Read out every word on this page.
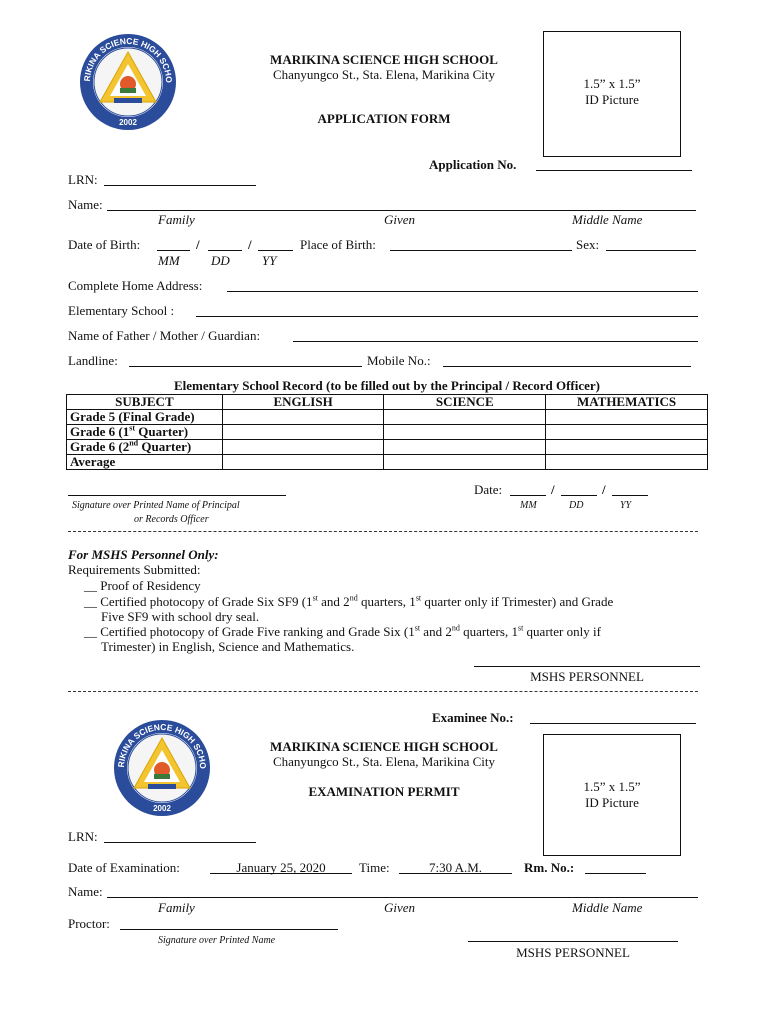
RIKINA SCIENCE HIGH SCHO
2002
MARIKINA SCIENCE HIGH SCHOOL
Chanyungco St., Sta. Elena, Marikina City
APPLICATION FORM
1.5” x 1.5”
ID Picture
Application No.
LRN:
Name:
Family	Given	Middle Name
Date of Birth:	/	/
MM DD YY
Place of Birth:	Sex:
Complete Home Address:
Elementary School :
Name of Father / Mother / Guardian:
Landline:	Mobile No.:
Elementary School Record (to be filled out by the Principal / Record Officer)
SUBJECT	ENGLISH	SCIENCE	MATHEMATICS
Grade 5 (Final Grade)			
Grade 6 (1st Quarter)			
Grade 6 (2nd Quarter)			
Average			
Signature over Printed Name of Principal
or Records Officer
Date:	/	/
MM	DD	YY
For MSHS Personnel Only:
Requirements Submitted:
__ Proof of Residency
__ Certified photocopy of Grade Six SF9 (1st and 2nd quarters, 1st quarter only if Trimester) and Grade
Five SF9 with school dry seal.
__ Certified photocopy of Grade Five ranking and Grade Six (1st and 2nd quarters, 1st quarter only if
Trimester) in English, Science and Mathematics.
MSHS PERSONNEL
Examinee No.:
RIKINA SCIENCE HIGH SCHO
2002
MARIKINA SCIENCE HIGH SCHOOL
Chanyungco St., Sta. Elena, Marikina City
EXAMINATION PERMIT	1.5” x 1.5”
ID Picture
LRN:
Date of Examination:	January 25, 2020	Time:	7:30 A.M.	Rm. No.:
Name:
Family	Given	Middle Name
Proctor:
Signature over Printed Name
MSHS PERSONNEL
